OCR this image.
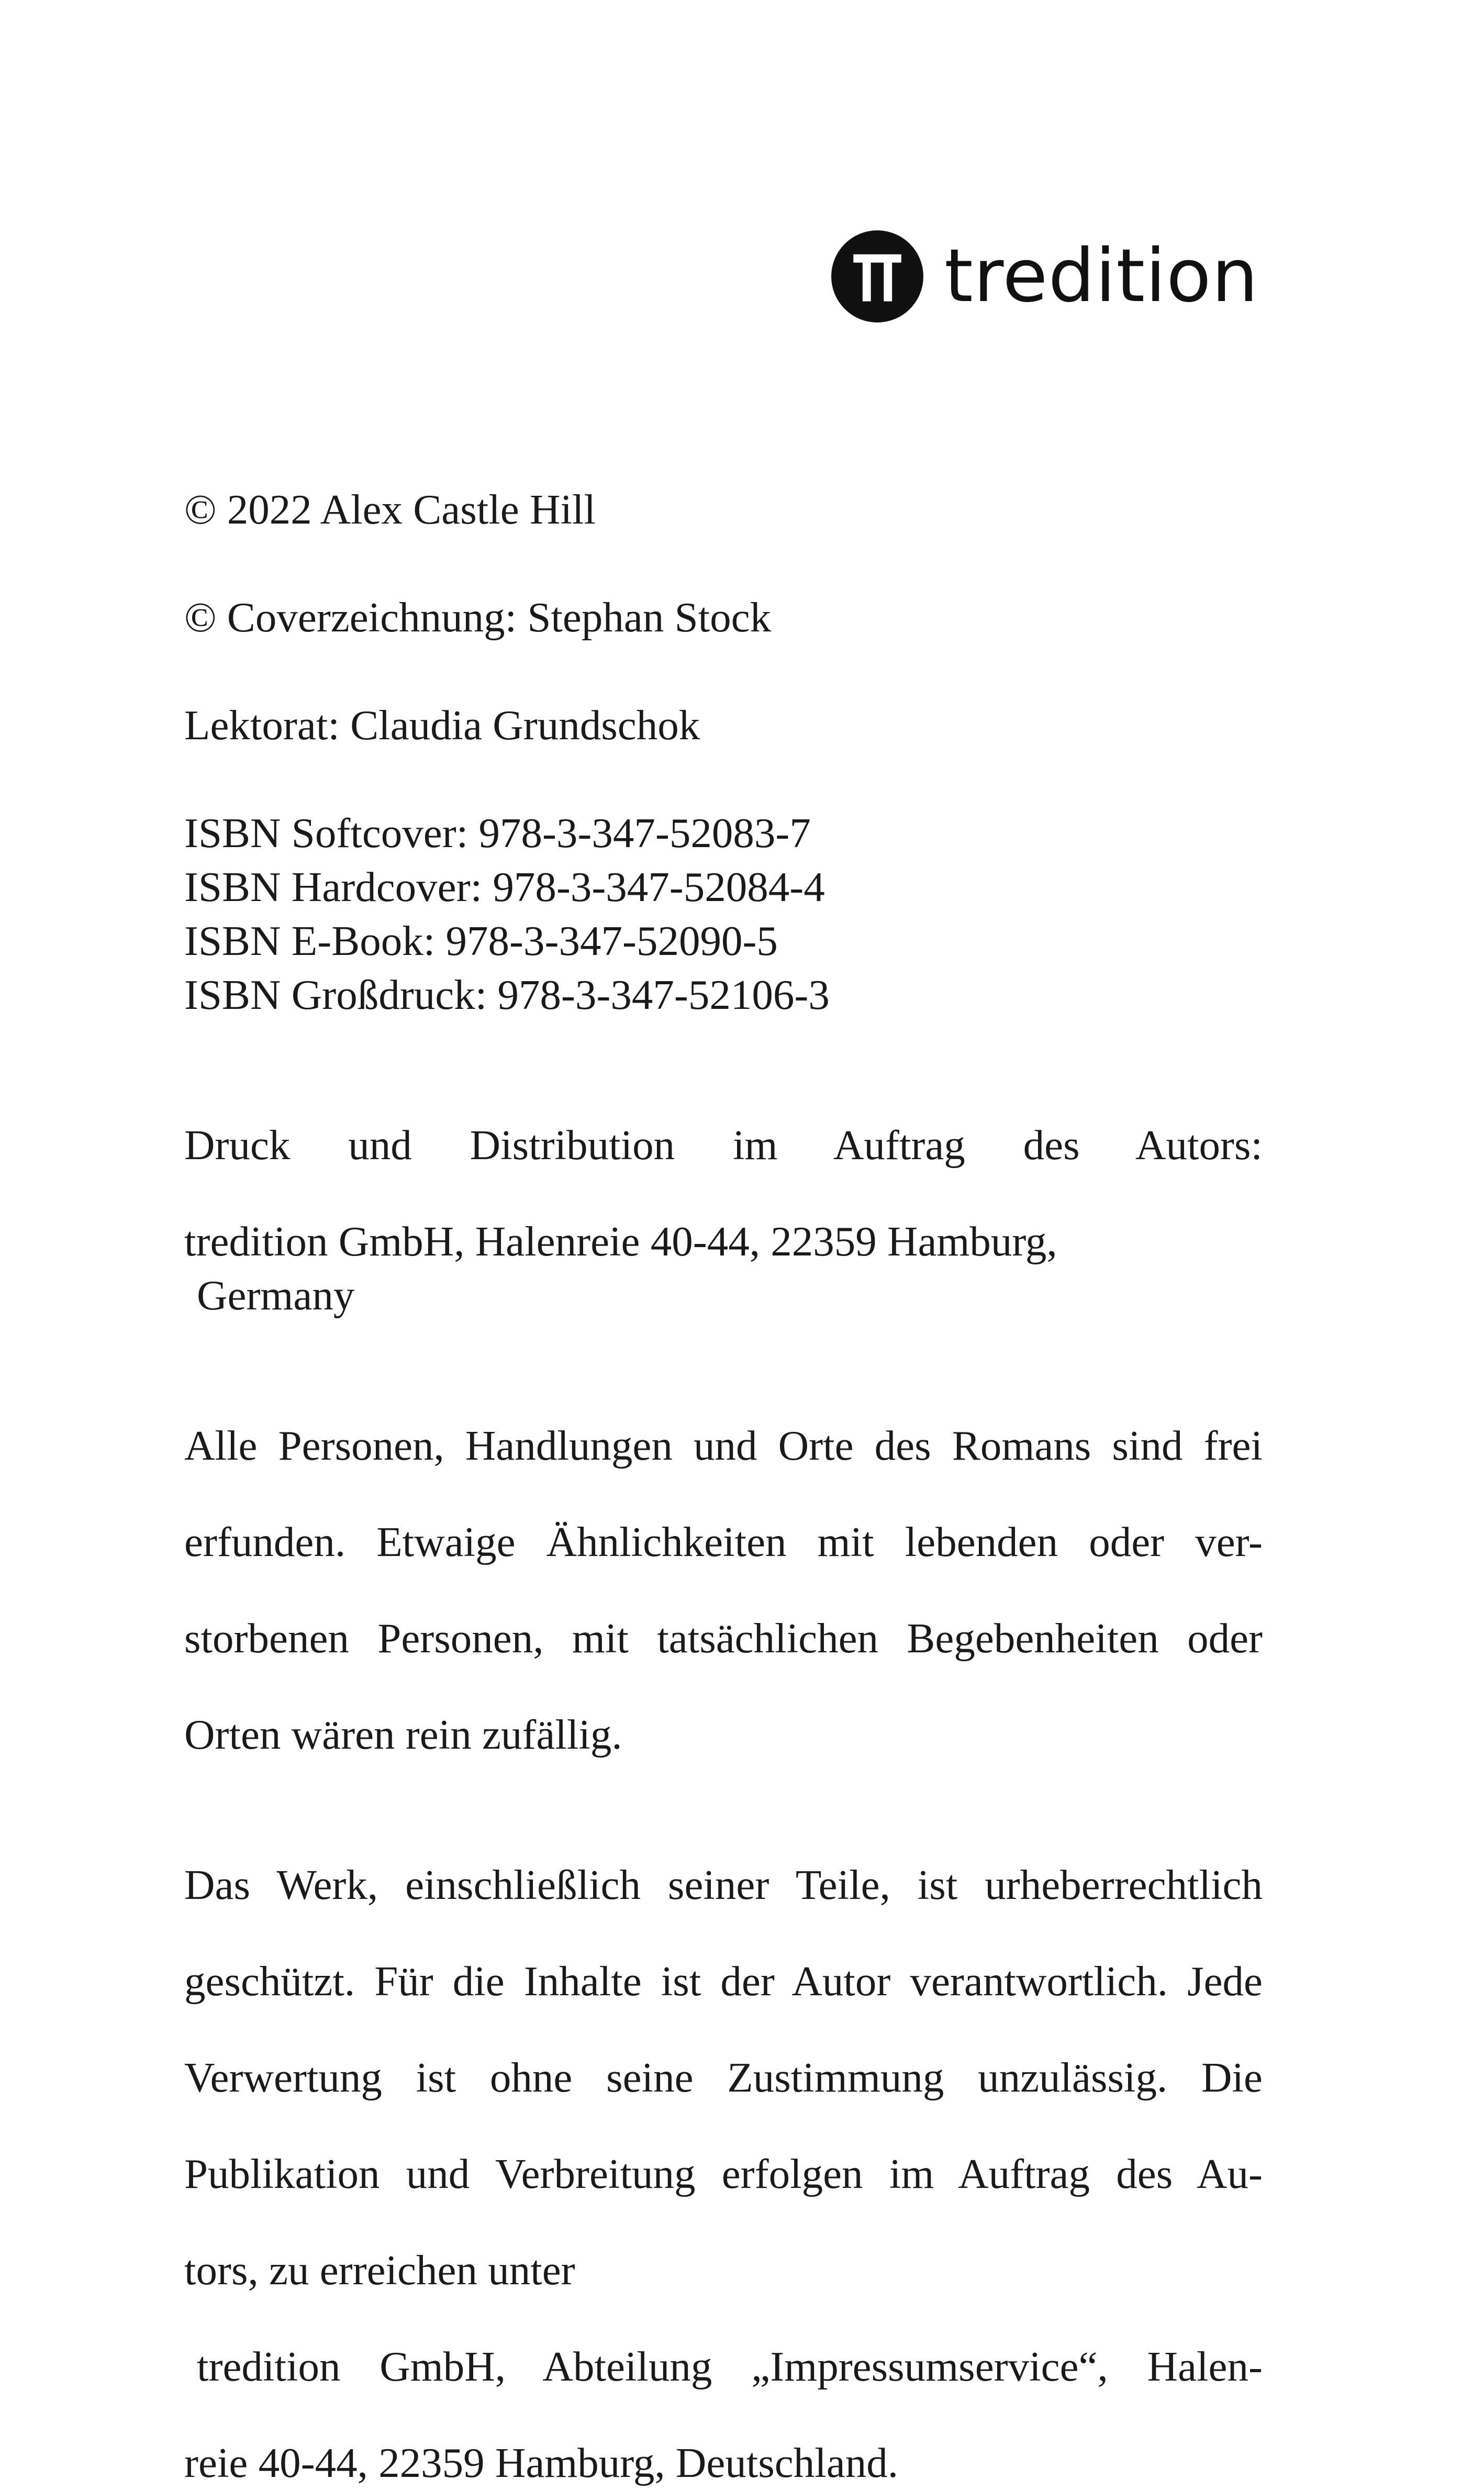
tredition

© 2022 Alex Castle Hill

© Coverzeichnung: Stephan Stock

Lektorat: Claudia Grundschok

ISBN Softcover: 978-3-347-52083-7

ISBN Hardcover: 978-3-347-52084-4

ISBN E-Book: 978-3-347-52090-5

ISBN Großdruck: 978-3-347-52106-3

Druck und Distribution im Auftrag des Autors:

tredition GmbH, Halenreie 40-44, 22359 Hamburg,

Germany

Alle Personen, Handlungen und Orte des Romans sind frei

erfunden. Etwaige Ähnlichkeiten mit lebenden oder ver-

storbenen Personen, mit tatsächlichen Begebenheiten oder

Orten wären rein zufällig.

Das Werk, einschließlich seiner Teile, ist urheberrechtlich

geschützt. Für die Inhalte ist der Autor verantwortlich. Jede

Verwertung ist ohne seine Zustimmung unzulässig. Die

Publikation und Verbreitung erfolgen im Auftrag des Au-

tors, zu erreichen unter

tredition GmbH, Abteilung „Impressumservice“, Halen-

reie 40-44, 22359 Hamburg, Deutschland.
